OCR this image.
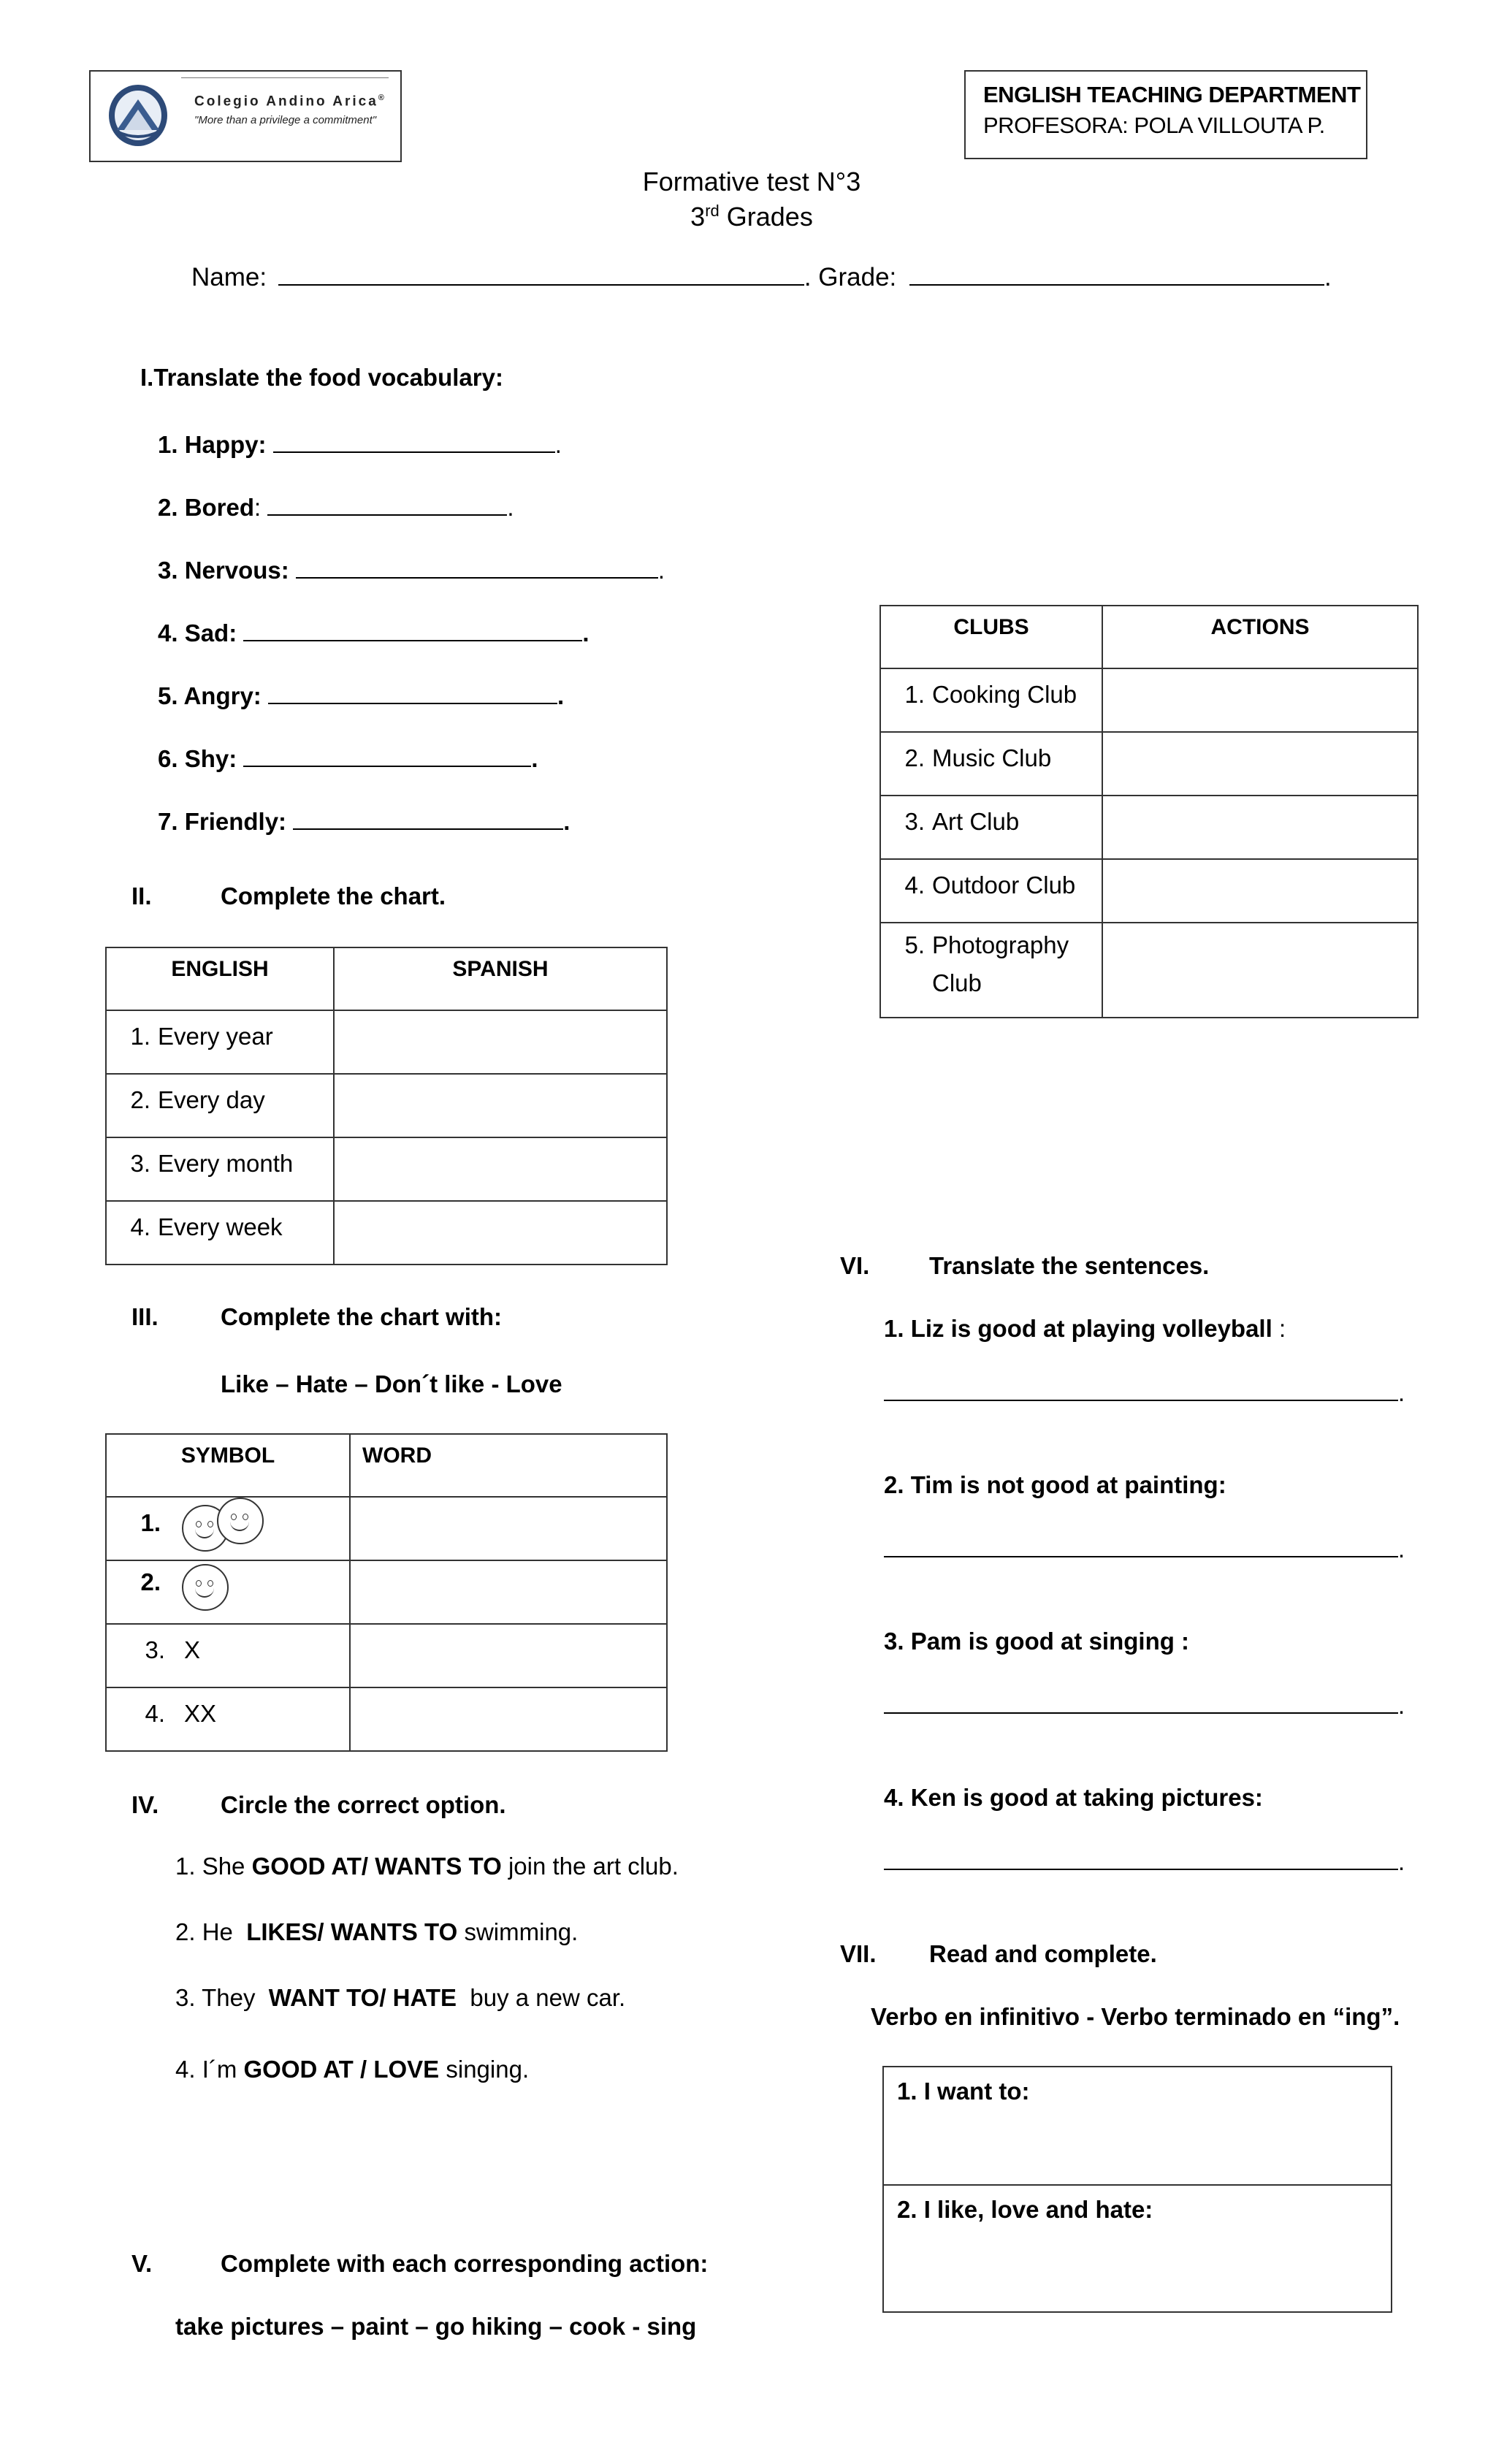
Colegio Andino Arica®
"More than a privilege a commitment"
ENGLISH TEACHING DEPARTMENT
PROFESORA: POLA VILLOUTA P.
Formative test N°3
3rd Grades
Name:	. Grade:	.
I.Translate the food vocabulary:
1. Happy:	.
2. Bored:	.
3. Nervous:	.
4. Sad:	.
5. Angry:	.
6. Shy:	.
7. Friendly:	.
II.	Complete the chart.
ENGLISH	SPANISH
1. Every year	
2. Every day	
3. Every month	
4. Every week	
III.	Complete the chart with:
Like – Hate – Don´t like - Love
SYMBOL	WORD
1.

2.

3. X	
4. XX	
IV.	Circle the correct option.
1. She GOOD AT/ WANTS TO join the art club.
2. He  LIKES/ WANTS TO swimming.
3. They  WANT TO/ HATE  buy a new car.
4. I´m GOOD AT / LOVE singing.
V.	Complete with each corresponding action:
take pictures – paint – go hiking – cook - sing
CLUBS	ACTIONS
1. Cooking Club	
2. Music Club	
3. Art Club	
4. Outdoor Club	
5. Photography
Club	
VI. Translate the sentences.
1. Liz is good at playing volleyball :
.
2. Tim is not good at painting:
.
3. Pam is good at singing :
.
4. Ken is good at taking pictures:
.
VII. Read and complete.
Verbo en infinitivo - Verbo terminado en “ing”.
1. I want to:
2. I like, love and hate:
